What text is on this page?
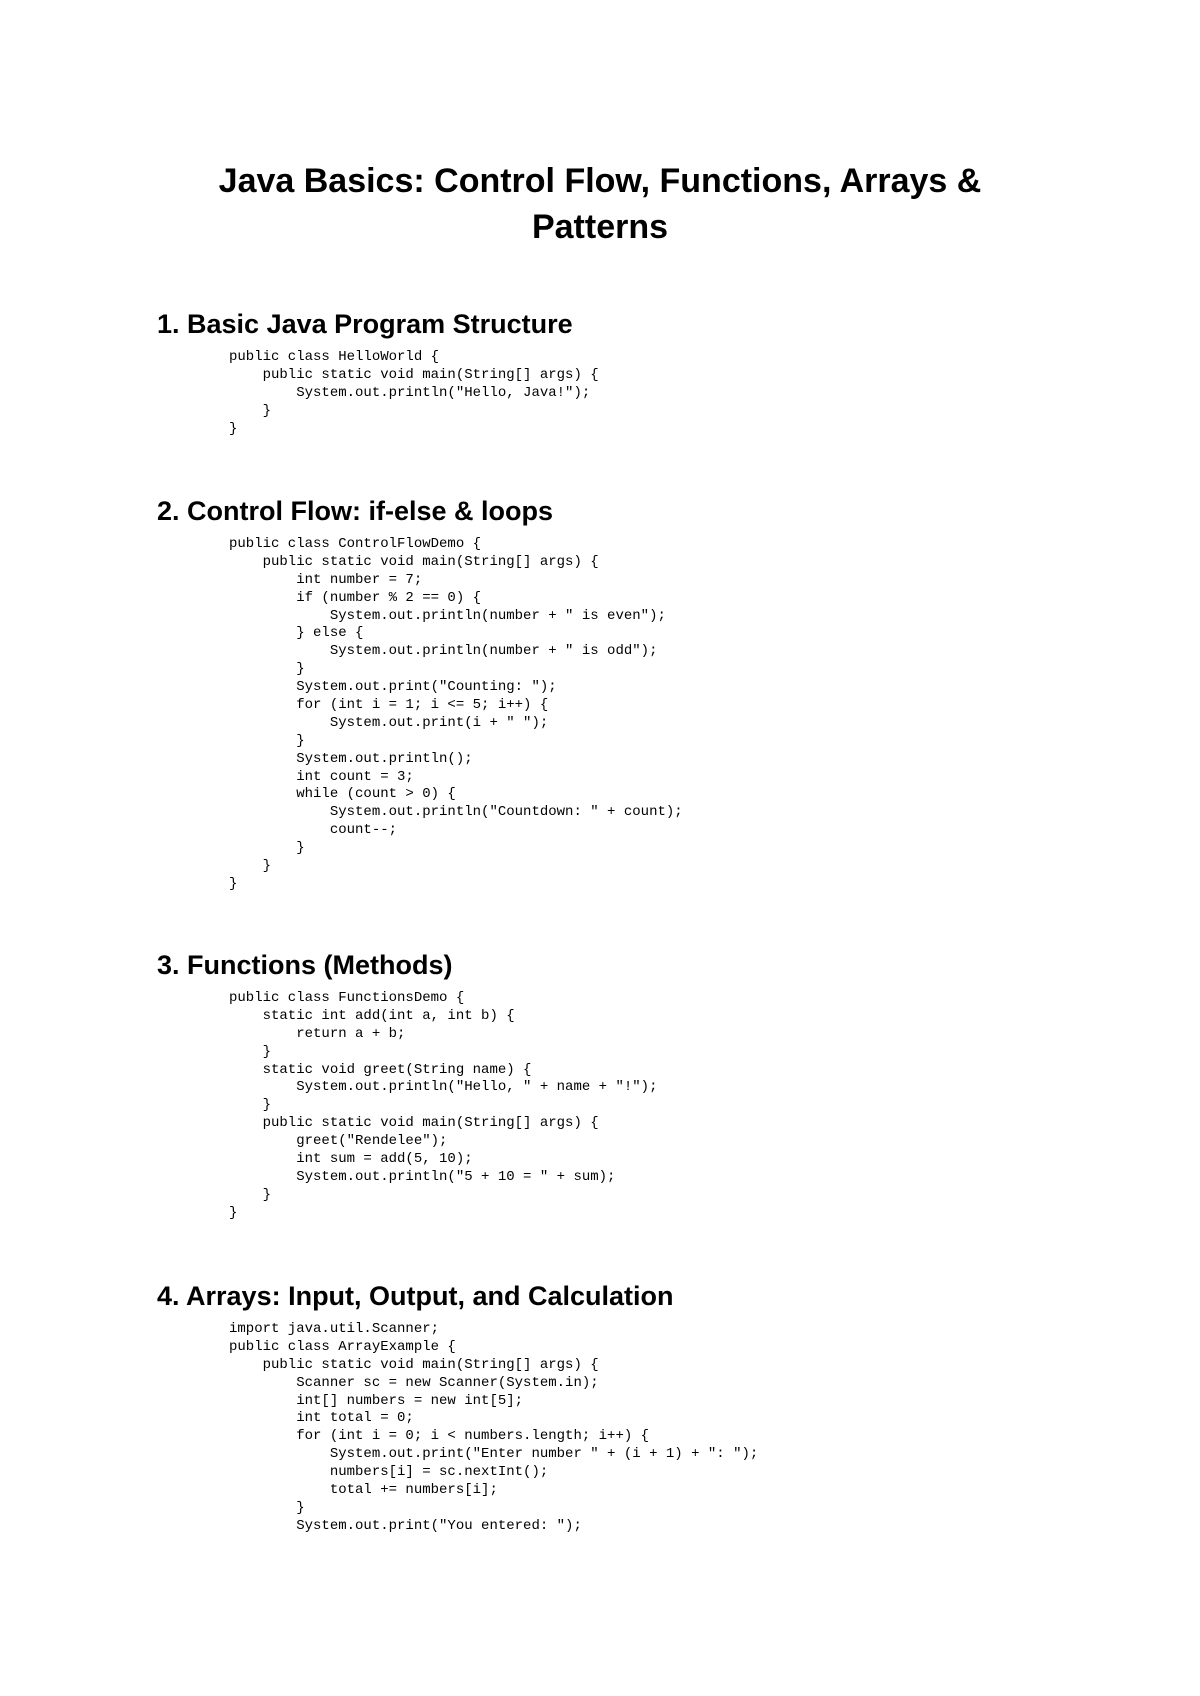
Java Basics: Control Flow, Functions, Arrays &
Patterns
1. Basic Java Program Structure
public class HelloWorld {
public static void main(String[] args) {
System.out.println("Hello, Java!");
}
}
2. Control Flow: if-else & loops
public class ControlFlowDemo {
public static void main(String[] args) {
int number = 7;
if (number % 2 == 0) {
System.out.println(number + " is even");
} else {
System.out.println(number + " is odd");
}
System.out.print("Counting: ");
for (int i = 1; i <= 5; i++) {
System.out.print(i + " ");
}
System.out.println();
int count = 3;
while (count > 0) {
System.out.println("Countdown: " + count);
count--;
}
}
}
3. Functions (Methods)
public class FunctionsDemo {
static int add(int a, int b) {
return a + b;
}
static void greet(String name) {
System.out.println("Hello, " + name + "!");
}
public static void main(String[] args) {
greet("Rendelee");
int sum = add(5, 10);
System.out.println("5 + 10 = " + sum);
}
}
4. Arrays: Input, Output, and Calculation
import java.util.Scanner;
public class ArrayExample {
public static void main(String[] args) {
Scanner sc = new Scanner(System.in);
int[] numbers = new int[5];
int total = 0;
for (int i = 0; i < numbers.length; i++) {
System.out.print("Enter number " + (i + 1) + ": ");
numbers[i] = sc.nextInt();
total += numbers[i];
}
System.out.print("You entered: ");
